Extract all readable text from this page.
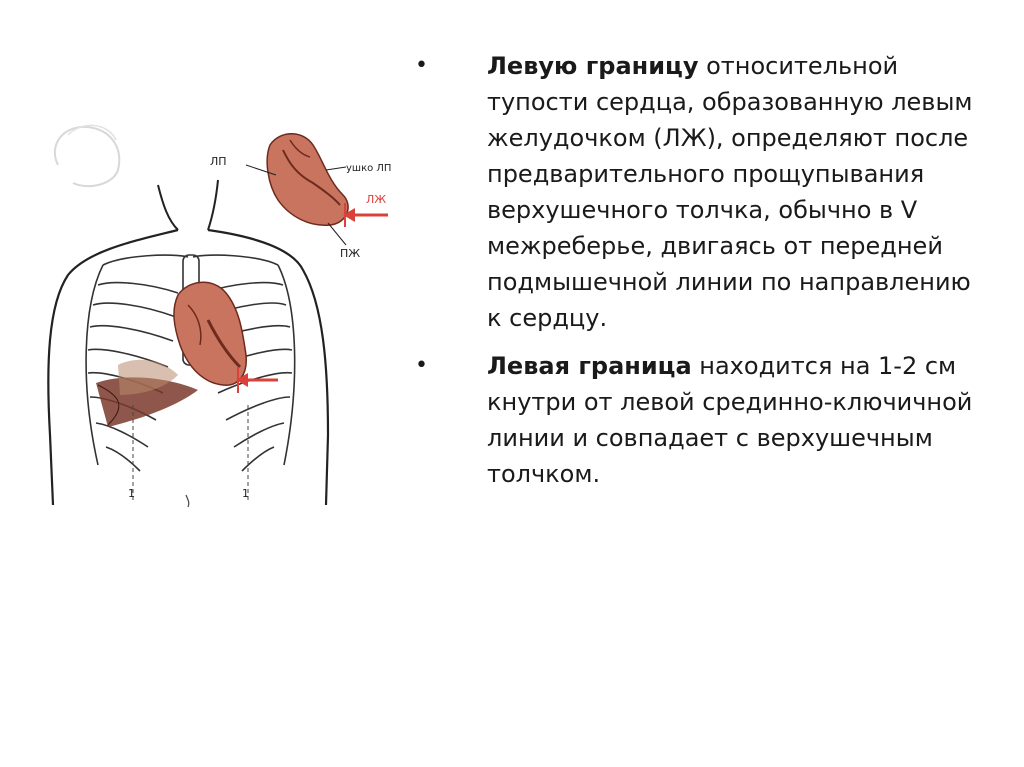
1	1
ЛП
ушко ЛП
ЛЖ
ПЖ
• Левую границу относительной тупости сердца, образованную левым желудочком (ЛЖ), определяют после предварительного прощупывания верхушечного толчка, обычно в V межреберье, двигаясь от передней подмышечной линии по направлению к сердцу.
• Левая граница находится на 1-2 см кнутри от левой срединно-ключичной линии и совпадает с верхушечным толчком.
